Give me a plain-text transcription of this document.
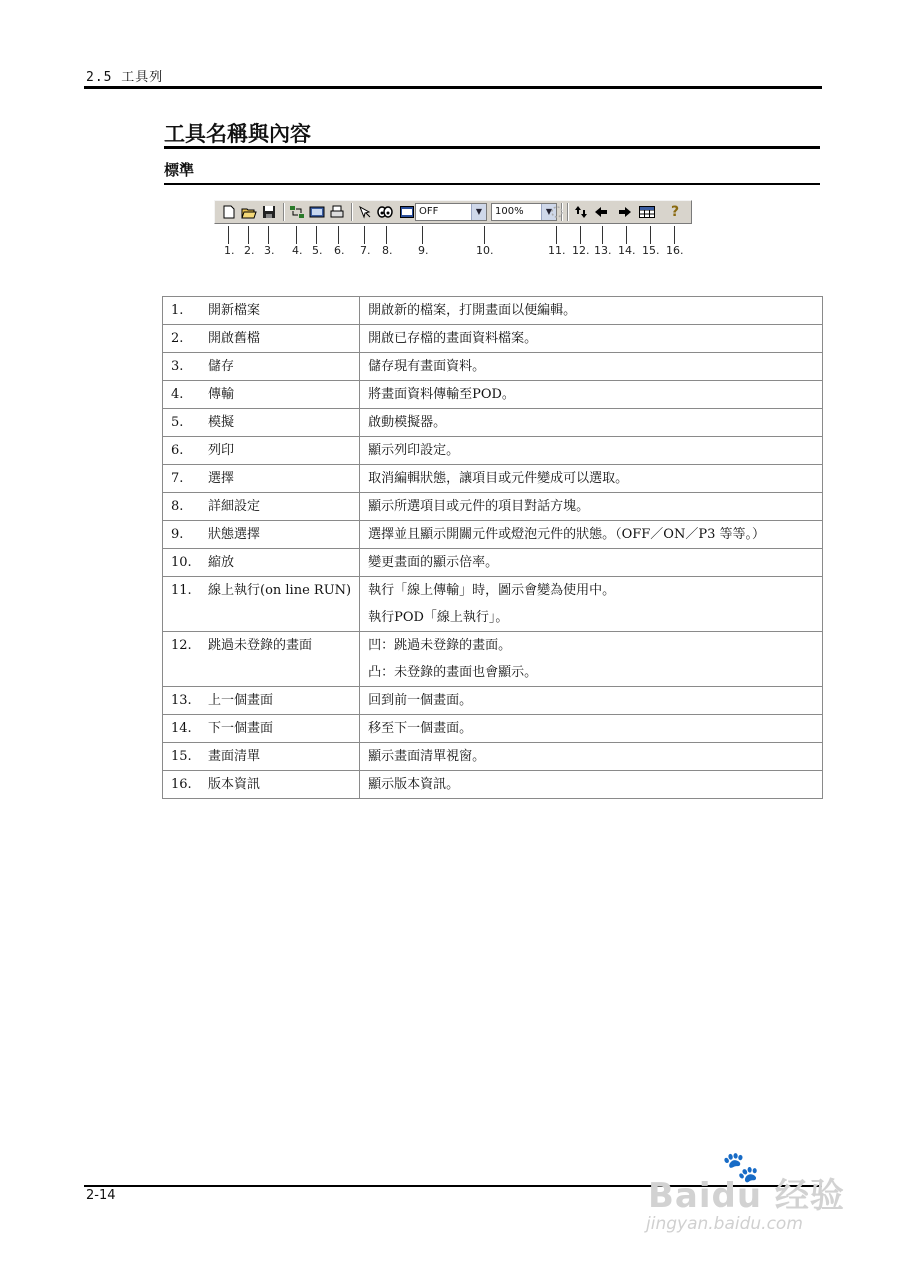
2.5 工具列
工具名稱與內容
標準
OFF	▼	100%	▼	?
1. 2. 3. 4. 5. 6. 7. 8. 9.	10.	11. 12. 13. 14. 15. 16.
1. 開新檔案	開啟新的檔案，打開畫面以便編輯。

2. 開啟舊檔	開啟已存檔的畫面資料檔案。

3. 儲存	儲存現有畫面資料。

4. 傳輸	將畫面資料傳輸至POD。

5. 模擬	啟動模擬器。

6. 列印	顯示列印設定。

7. 選擇	取消編輯狀態，讓項目或元件變成可以選取。

8. 詳細設定	顯示所選項目或元件的項目對話方塊。

9. 狀態選擇	選擇並且顯示開關元件或燈泡元件的狀態。（OFF／ON／P3 等等。）

10. 縮放	變更畫面的顯示倍率。

11. 線上執行(on line RUN)	執行「線上傳輸」時，圖示會變為使用中。
執行POD「線上執行」。

12. 跳過未登錄的畫面	凹：跳過未登錄的畫面。
凸：未登錄的畫面也會顯示。

13. 上一個畫面	回到前一個畫面。

14. 下一個畫面	移至下一個畫面。

15. 畫面清單	顯示畫面清單視窗。

16. 版本資訊	顯示版本資訊。
2-14
🐾
Baidu 经验
jingyan.baidu.com
